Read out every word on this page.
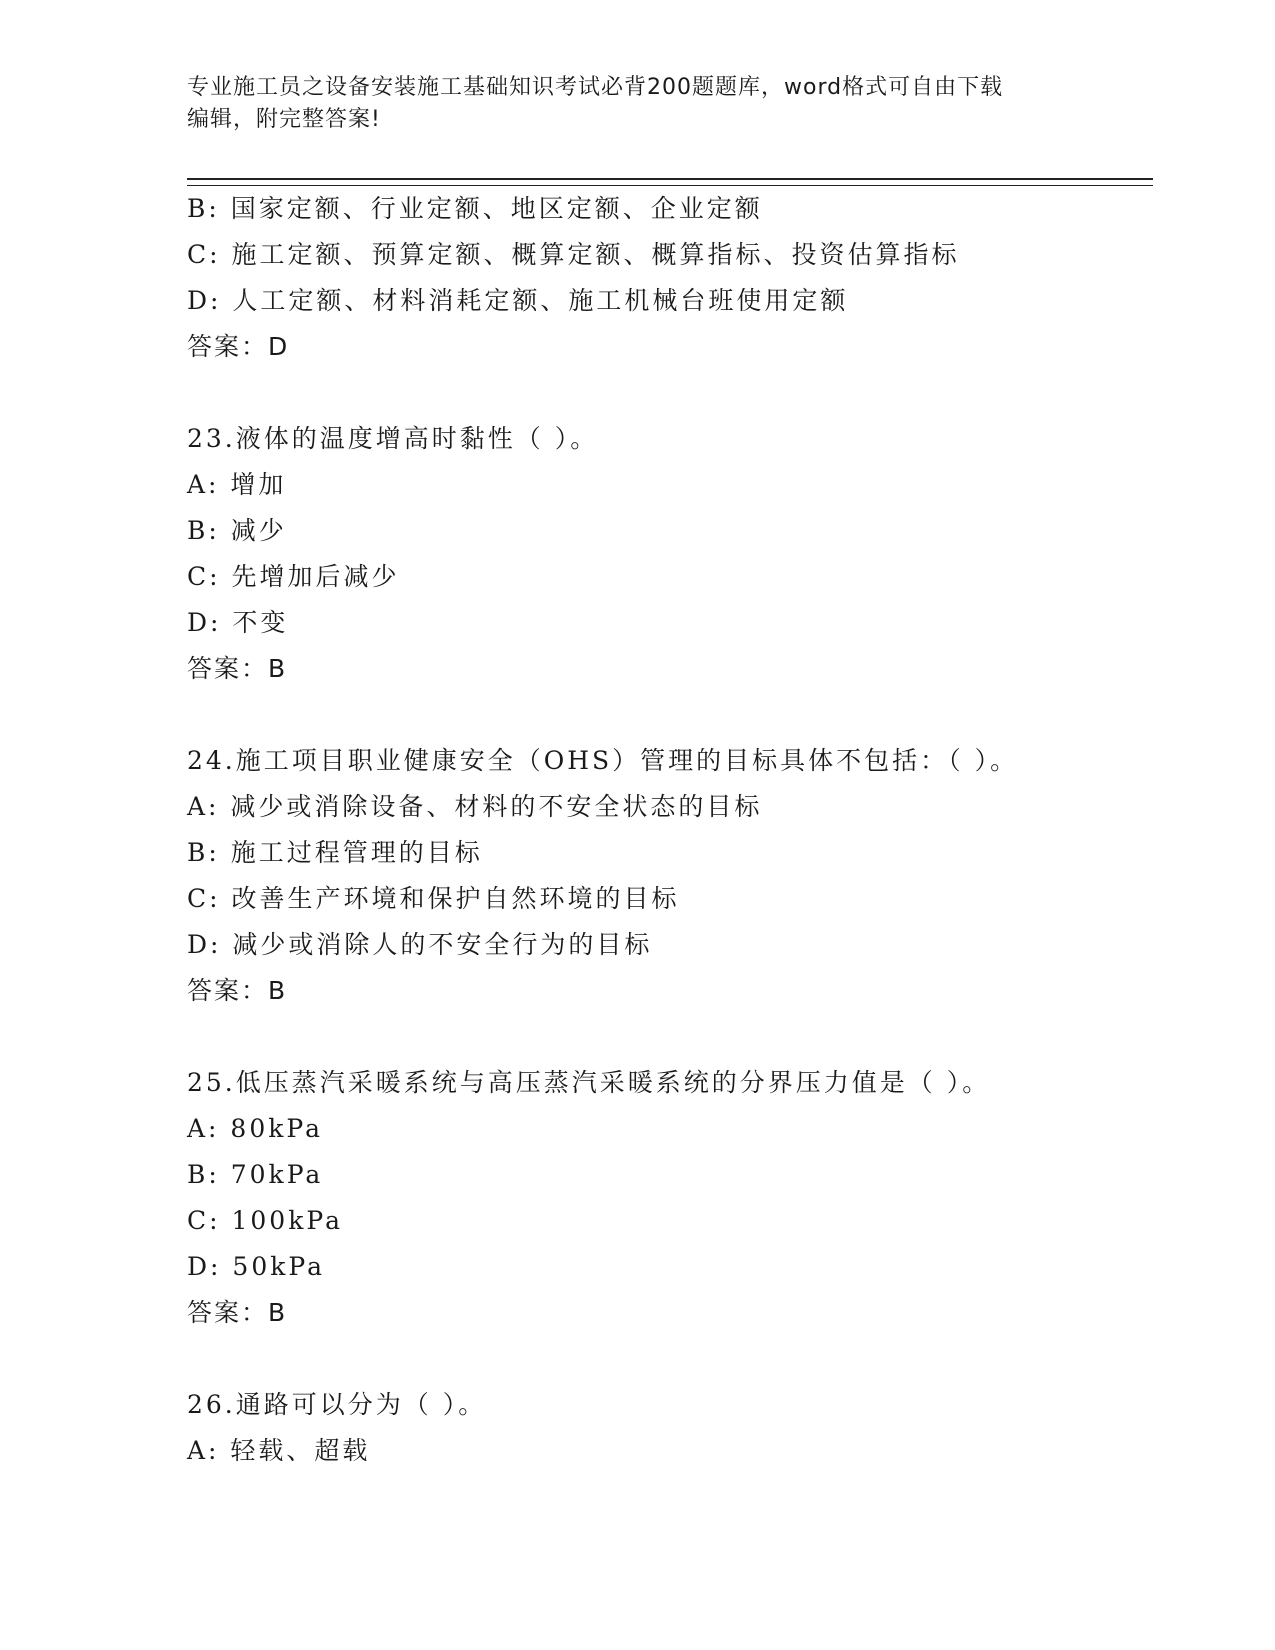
专业施工员之设备安装施工基础知识考试必背200题题库，word格式可自由下载
编辑，附完整答案!
B: 国家定额、行业定额、地区定额、企业定额
C: 施工定额、预算定额、概算定额、概算指标、投资估算指标
D: 人工定额、材料消耗定额、施工机械台班使用定额
答案：D
23.液体的温度增高时黏性（ ）。
A: 增加
B: 减少
C: 先增加后减少
D: 不变
答案：B
24.施工项目职业健康安全（OHS）管理的目标具体不包括：（ ）。
A: 减少或消除设备、材料的不安全状态的目标
B: 施工过程管理的目标
C: 改善生产环境和保护自然环境的目标
D: 减少或消除人的不安全行为的目标
答案：B
25.低压蒸汽采暖系统与高压蒸汽采暖系统的分界压力值是（ ）。
A: 80kPa
B: 70kPa
C: 100kPa
D: 50kPa
答案：B
26.通路可以分为（ ）。
A: 轻载、超载
